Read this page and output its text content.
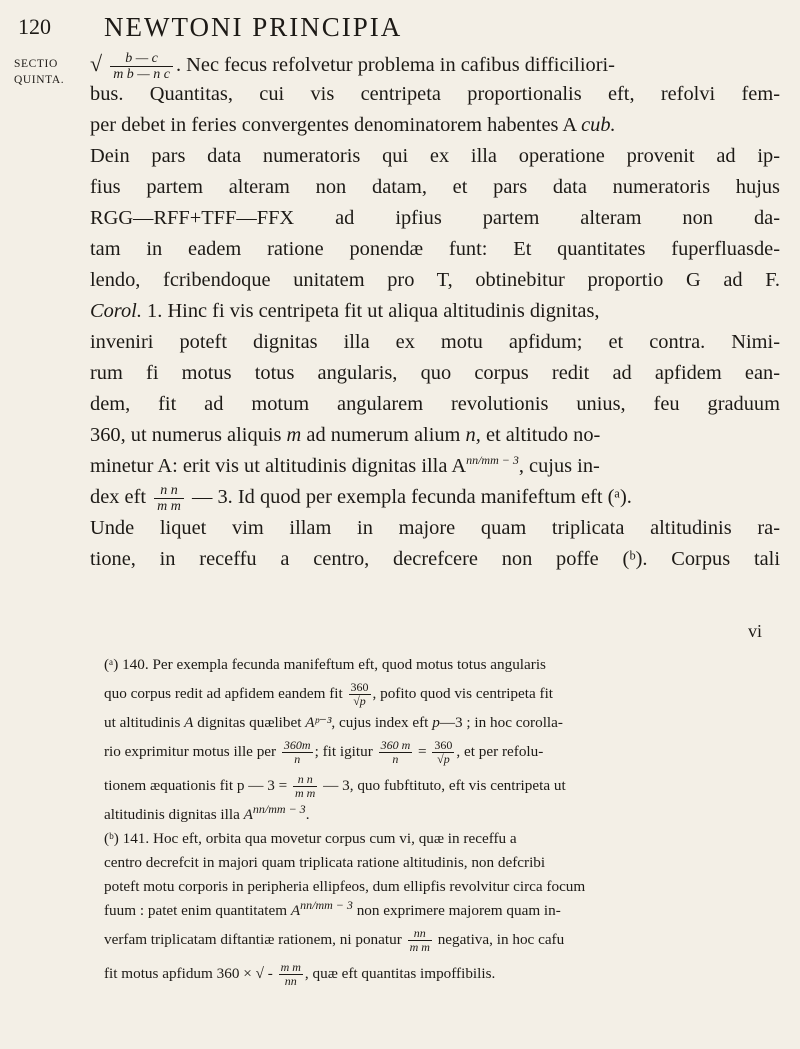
120 NEWTONI PRINCIPIA
SECTIO
QUINTA.
√ $\frac{b — c}{\text{m b — n c}}$ . Nec fecus refolvetur problema in cafibus difficiliori-
bus. Quantitas, cui vis centripeta proportionalis eft, refolvi fem-
per debet in feries convergentes denominatorem habentes A cub.
Dein pars data numeratoris qui ex illa operatione provenit ad ip-
fius partem alteram non datam, et pars data numeratoris hujus
RGG—RFF+TFF—FFX ad ipfius partem alteram non da-
tam in eadem ratione ponendæ funt: Et quantitates fuperfluasde-
lendo, fcribendoque unitatem pro T, obtinebitur proportio G ad F.
Corol. 1. Hinc fi vis centripeta fit ut aliqua altitudinis dignitas,
inveniri poteft dignitas illa ex motu apfidum; et contra. Nimi-
rum fi motus totus angularis, quo corpus redit ad apfidem ean-
dem, fit ad motum angularem revolutionis unius, feu graduum
360, ut numerus aliquis m ad numerum alium n, et altitudo no-
minetur A: erit vis ut altitudinis dignitas illa $A^{nn/mm - 3}$, cujus in-
dex eft $\frac{\text{n n}}{\text{m m}}$ — 3. Id quod per exempla fecunda manifeftum eft (ᵃ).
Unde liquet vim illam in majore quam triplicata altitudinis ra-
tione, in receffu a centro, decrefcere non poffe (ᵇ). Corpus tali
vi
(ᵃ) 140. Per exempla fecunda manifeftum eft, quod motus totus angularis
quo corpus redit ad apfidem eandem fit $\frac{360}{√p}$ , pofito quod vis centripeta fit
ut altitudinis A dignitas quælibet Aᵖ⁻³, cujus index eft p—3 ; in hoc corolla-
rio exprimitur motus ille per $\frac{360m}{n}$ ; fit igitur $\frac{360 m}{n} = \frac{360}{√p}$ , et per refolu-
tionem æquationis fit p — $3 = \frac{\text{n n}}{\text{m m}}$ — 3, quo fubftituto, eft vis centripeta ut
altitudinis dignitas illa $A^{nn/mm - 3}$.
(ᵇ) 141. Hoc eft, orbita qua movetur corpus cum vi, quæ in receffu a
centro decrefcit in majori quam triplicata ratione altitudinis, non defcribi
poteft motu corporis in peripheria ellipfeos, dum ellipfis revolvitur circa focum
fuum : patet enim quantitatem $A^{nn/mm - 3}$ non exprimere majorem quam in-
verfam triplicatam diftantiæ rationem, ni ponatur $\frac{nn}{\text{m m}}$ negativa, in hoc cafu
fit motus apfidum 360 × √ - $\frac{\text{m m}}{nn}$ , quæ eft quantitas impoffibilis.
